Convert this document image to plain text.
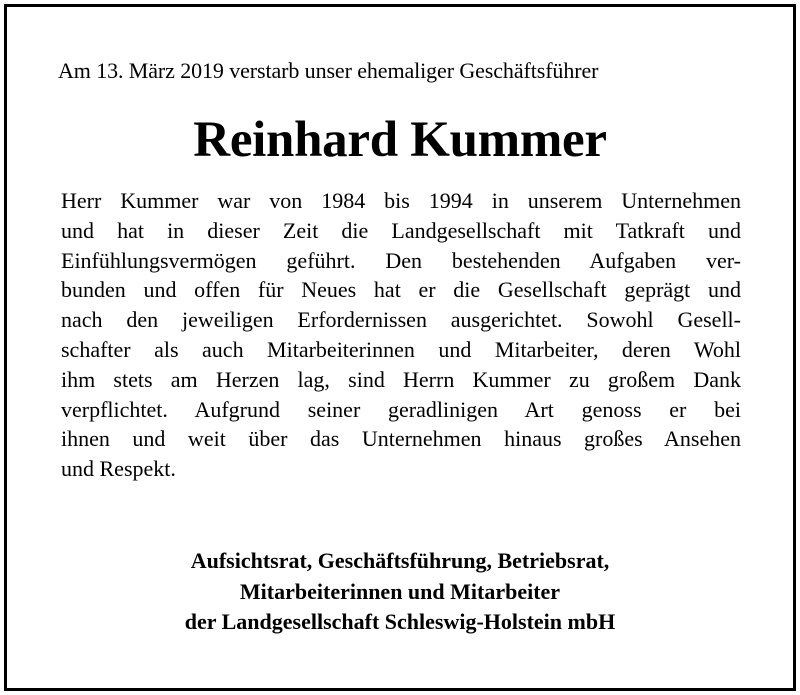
Am 13. März 2019 verstarb unser ehemaliger Geschäftsführer
Reinhard Kummer
Herr Kummer war von 1984 bis 1994 in unserem Unternehmen
und hat in dieser Zeit die Landgesellschaft mit Tatkraft und
Einfühlungsvermögen geführt. Den bestehenden Aufgaben ver-
bunden und offen für Neues hat er die Gesellschaft geprägt und
nach den jeweiligen Erfordernissen ausgerichtet. Sowohl Gesell-
schafter als auch Mitarbeiterinnen und Mitarbeiter, deren Wohl
ihm stets am Herzen lag, sind Herrn Kummer zu großem Dank
verpflichtet. Aufgrund seiner geradlinigen Art genoss er bei
ihnen und weit über das Unternehmen hinaus großes Ansehen
und Respekt.
Aufsichtsrat, Geschäftsführung, Betriebsrat,
Mitarbeiterinnen und Mitarbeiter
der Landgesellschaft Schleswig-Holstein mbH
